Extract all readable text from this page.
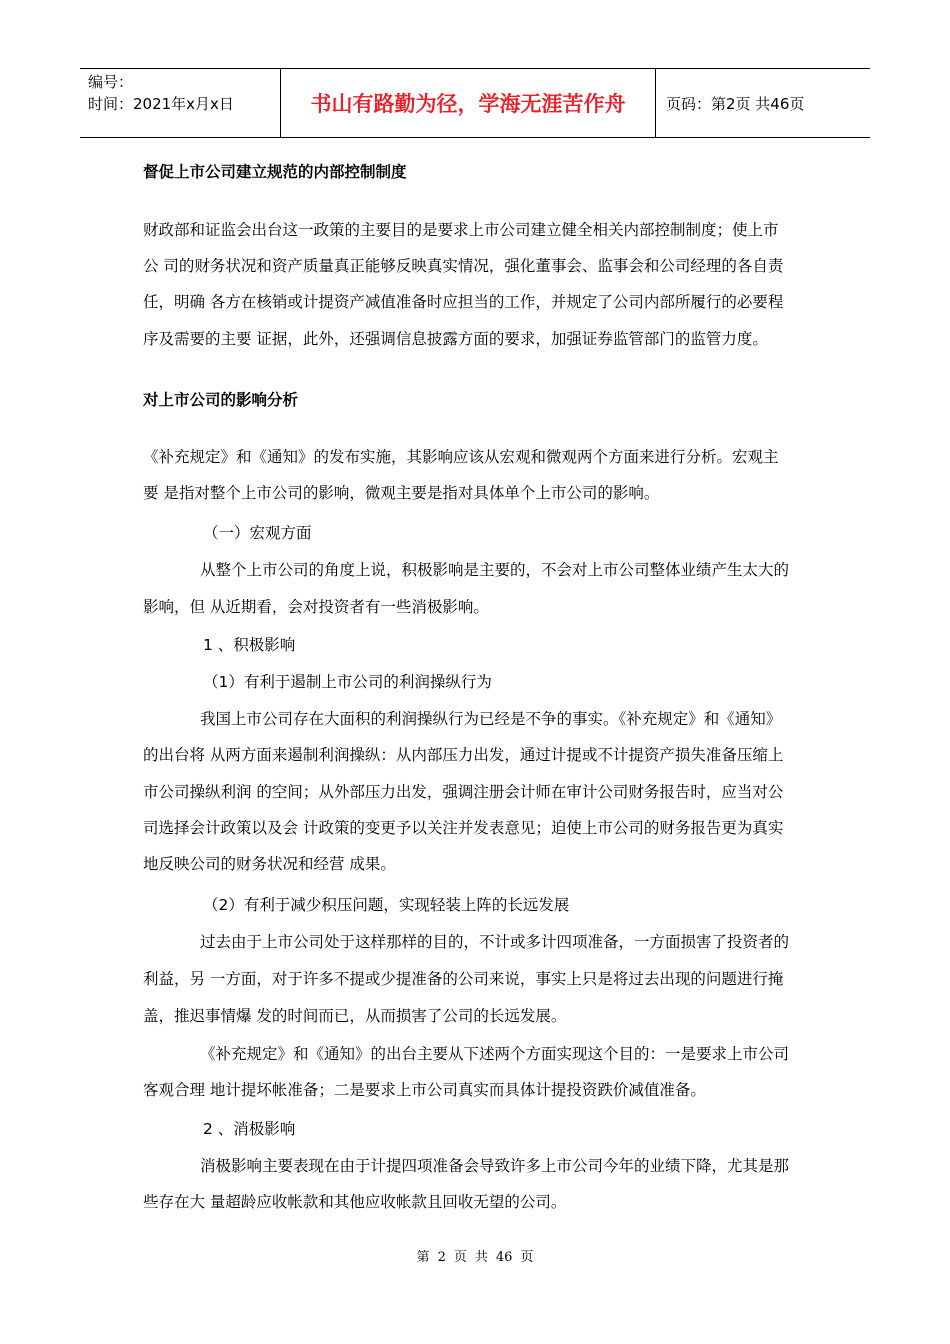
编号：
时间：2021年x月x日	书山有路勤为径，学海无涯苦作舟	页码：第2页 共46页

督促上市公司建立规范的内部控制制度

财政部和证监会出台这一政策的主要目的是要求上市公司建立健全相关内部控制制度；使上市

公 司的财务状况和资产质量真正能够反映真实情况，强化董事会、监事会和公司经理的各自责

任，明确 各方在核销或计提资产减值准备时应担当的工作，并规定了公司内部所履行的必要程

序及需要的主要 证据，此外，还强调信息披露方面的要求，加强证券监管部门的监管力度。

对上市公司的影响分析

《补充规定》和《通知》的发布实施，其影响应该从宏观和微观两个方面来进行分析。宏观主

要 是指对整个上市公司的影响，微观主要是指对具体单个上市公司的影响。

（一）宏观方面

从整个上市公司的角度上说，积极影响是主要的，不会对上市公司整体业绩产生太大的

影响，但 从近期看，会对投资者有一些消极影响。

1 、积极影响

（1）有利于遏制上市公司的利润操纵行为

我国上市公司存在大面积的利润操纵行为已经是不争的事实。《补充规定》和《通知》

的出台将 从两方面来遏制利润操纵：从内部压力出发，通过计提或不计提资产损失准备压缩上

市公司操纵利润 的空间；从外部压力出发，强调注册会计师在审计公司财务报告时，应当对公

司选择会计政策以及会 计政策的变更予以关注并发表意见；迫使上市公司的财务报告更为真实

地反映公司的财务状况和经营 成果。

（2）有利于减少积压问题，实现轻装上阵的长远发展

过去由于上市公司处于这样那样的目的，不计或多计四项准备，一方面损害了投资者的

利益，另 一方面，对于许多不提或少提准备的公司来说，事实上只是将过去出现的问题进行掩

盖，推迟事情爆 发的时间而已，从而损害了公司的长远发展。

《补充规定》和《通知》的出台主要从下述两个方面实现这个目的：一是要求上市公司

客观合理 地计提坏帐准备；二是要求上市公司真实而具体计提投资跌价减值准备。

2 、消极影响

消极影响主要表现在由于计提四项准备会导致许多上市公司今年的业绩下降，尤其是那

些存在大 量超龄应收帐款和其他应收帐款且回收无望的公司。

第 2 页 共 46 页
